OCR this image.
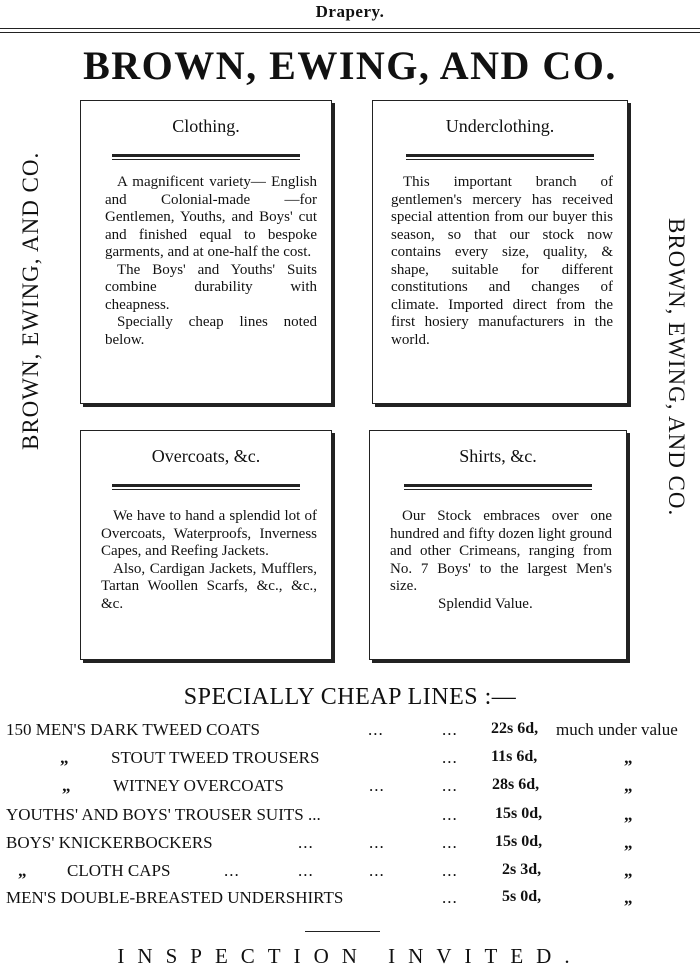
Drapery.
BROWN, EWING, AND CO.
BROWN, EWING, AND CO.	BROWN, EWING, AND CO.
Clothing.

A magnificent variety— English and Colonial-made —for Gentlemen, Youths, and Boys' cut and finished equal to bespoke garments, and at one-half the cost.

The Boys' and Youths' Suits combine durability with cheapness.

Specially cheap lines noted below.

Underclothing.

This important branch of gentlemen's mercery has received special attention from our buyer this season, so that our stock now contains every size, quality, & shape, suitable for different constitutions and changes of climate. Imported direct from the first hosiery manufacturers in the world.

Overcoats, &c.

We have to hand a splendid lot of Overcoats, Waterproofs, Inverness Capes, and Reefing Jackets.

Also, Cardigan Jackets, Mufflers, Tartan Woollen Scarfs, &c., &c., &c.

Shirts, &c.

Our Stock embraces over one hundred and fifty dozen light ground and other Crimeans, ranging from No. 7 Boys' to the largest Men's size.

Splendid Value.

SPECIALLY CHEAP LINES :—
150 MEN'S DARK TWEED COATS	...	... 22s 6d, much under value
„	STOUT TWEED TROUSERS	... 11s 6d,	„
„	WITNEY OVERCOATS	...	... 28s 6d,	„
YOUTHS' AND BOYS' TROUSER SUITS ...	... 15s 0d,	„
BOYS' KNICKERBOCKERS	...	...	... 15s 0d,	„
„ CLOTH CAPS	...	...	...	...	2s 3d,	„
MEN'S DOUBLE-BREASTED UNDERSHIRTS	...	5s 0d,	„
INSPECTION INVITED.
